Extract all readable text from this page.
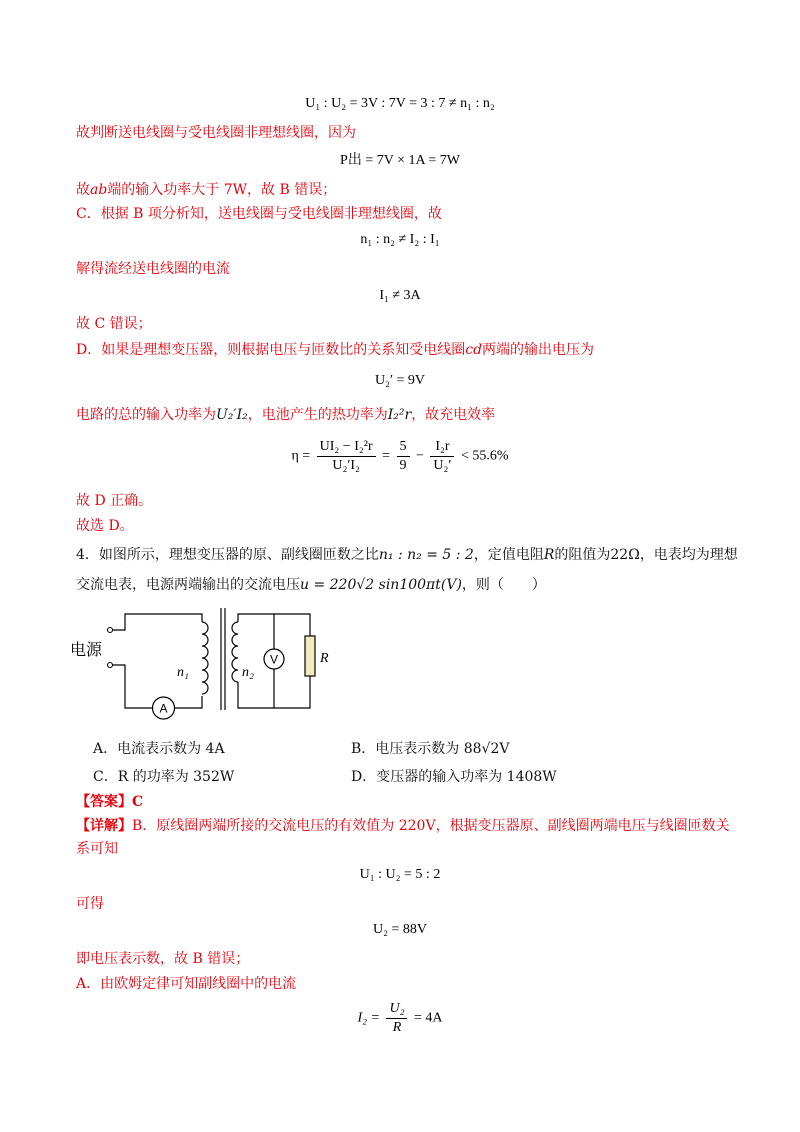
U₁ : U₂ = 3V : 7V = 3 : 7 ≠ n₁ : n₂
故判断送电线圈与受电线圈非理想线圈，因为
P出 = 7V × 1A = 7W
故ab端的输入功率大于 7W，故 B 错误；
C．根据 B 项分析知，送电线圈与受电线圈非理想线圈，故
n₁ : n₂ ≠ I₂ : I₁
解得流经送电线圈的电流
I₁ ≠ 3A
故 C 错误；
D．如果是理想变压器，则根据电压与匝数比的关系知受电线圈cd两端的输出电压为
U₂′ = 9V
电路的总的输入功率为U₂′I₂，电池产生的热功率为I₂²r，故充电效率
$\eta = \frac{\text{UI₂ − I₂²r}}{\text{U₂′I₂}} = \frac{5}{9} - \frac{\text{I₂r}}{\text{U₂′}} < 55.6\%$
故 D 正确。
故选 D。
4．如图所示，理想变压器的原、副线圈匝数之比n₁ : n₂ = 5 : 2，定值电阻R的阻值为22Ω，电表均为理想
交流电表，电源两端输出的交流电压u = 220√2 sin100πt(V)，则（　　）
A
V	R
电源
n₁	n₂
A．电流表示数为 4A	B．电压表示数为 88√2V
C．R 的功率为 352W	D．变压器的输入功率为 1408W
【答案】C
【详解】B．原线圈两端所接的交流电压的有效值为 220V，根据变压器原、副线圈两端电压与线圈匝数关
系可知
U₁ : U₂ = 5 : 2
可得
U₂ = 88V
即电压表示数，故 B 错误；
A．由欧姆定律可知副线圈中的电流
$I_2 = \frac{\text{U₂}}{R} = 4A$
